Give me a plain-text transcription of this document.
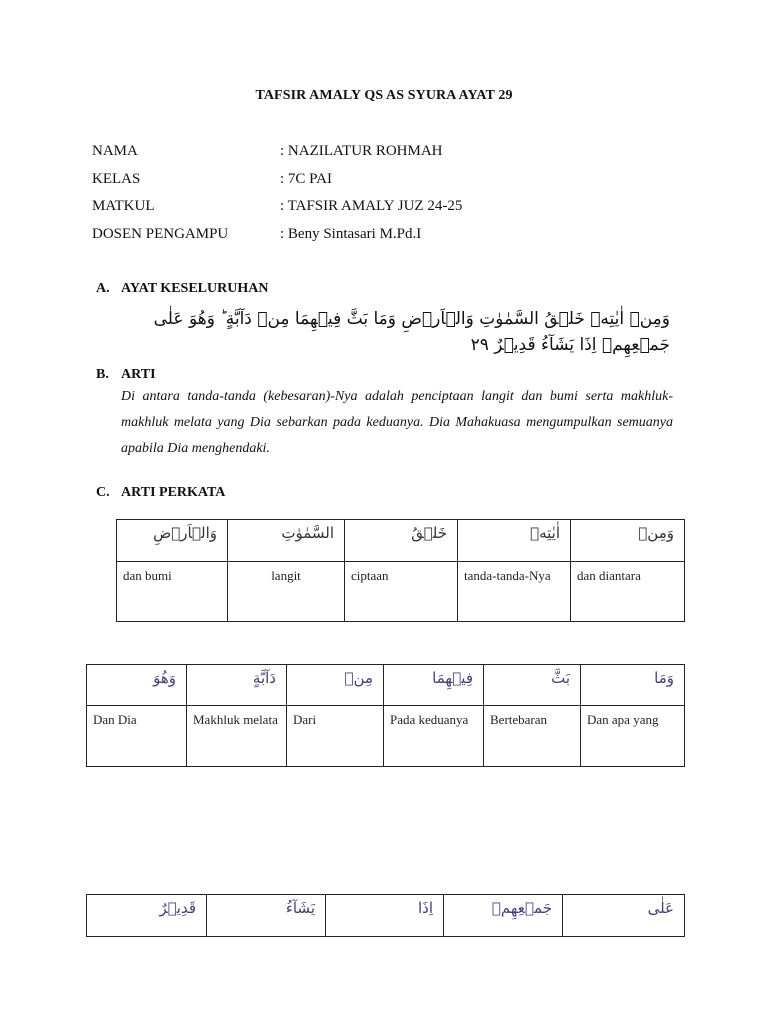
TAFSIR AMALY QS AS SYURA AYAT 29
NAMA	: NAZILATUR ROHMAH
KELAS	: 7C PAI
MATKUL	: TAFSIR AMALY JUZ 24-25
DOSEN PENGAMPU	: Beny Sintasari M.Pd.I
A. AYAT KESELURUHAN
وَمِنۡ اٰيٰتِهٖ خَلۡقُ السَّمٰوٰتِ وَالۡاَرۡضِ وَمَا بَثَّ فِيۡهِمَا مِنۡ دَآبَّةٍ​ ؕ وَهُوَ عَلٰى جَمۡعِهِمۡ اِذَا يَشَآءُ قَدِيۡرٌ ۲۹
B. ARTI
Di antara tanda-tanda (kebesaran)-Nya adalah penciptaan langit dan bumi serta makhluk-makhluk melata yang Dia sebarkan pada keduanya. Dia Mahakuasa mengumpulkan semuanya apabila Dia menghendaki.
C. ARTI PERKATA
وَالۡاَرۡضِ	السَّمٰوٰتِ	خَلۡقُ	اٰيٰتِهٖ	وَمِنۡ
dan bumi	langit	ciptaan	tanda-tanda-Nya	dan diantara
وَهُوَ	دَآبَّةٍ	مِنۡ	فِيۡهِمَا	بَثَّ	وَمَا
Dan Dia	Makhluk melata	Dari	Pada keduanya	Bertebaran	Dan apa yang
قَدِيۡرٌ	يَشَآءُ	اِذَا	جَمۡعِهِمۡ	عَلٰى
